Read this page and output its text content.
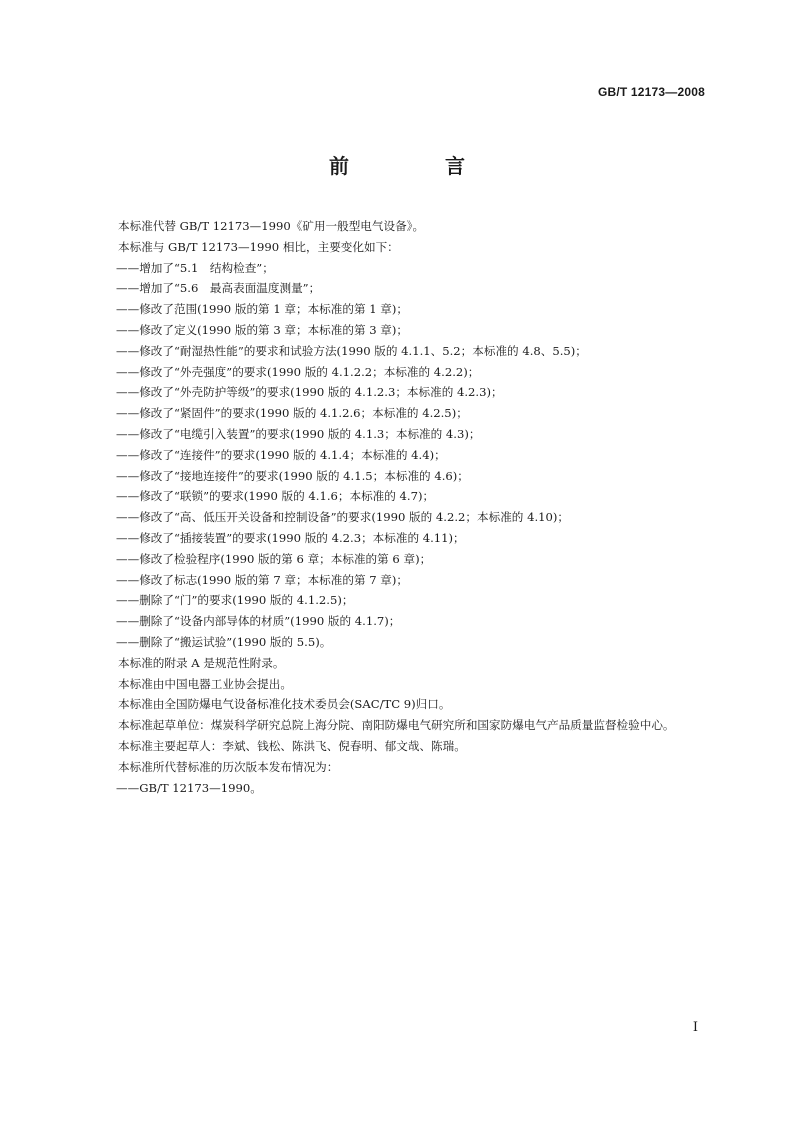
GB/T 12173—2008
前　言

本标准代替 GB/T 12173—1990《矿用一般型电气设备》。

本标准与 GB/T 12173—1990 相比，主要变化如下：

——增加了“5.1　结构检查”；

——增加了“5.6　最高表面温度测量”；

——修改了范围(1990 版的第 1 章；本标准的第 1 章)；

——修改了定义(1990 版的第 3 章；本标准的第 3 章)；

——修改了“耐湿热性能”的要求和试验方法(1990 版的 4.1.1、5.2；本标准的 4.8、5.5)；

——修改了“外壳强度”的要求(1990 版的 4.1.2.2；本标准的 4.2.2)；

——修改了“外壳防护等级”的要求(1990 版的 4.1.2.3；本标准的 4.2.3)；

——修改了“紧固件”的要求(1990 版的 4.1.2.6；本标准的 4.2.5)；

——修改了“电缆引入装置”的要求(1990 版的 4.1.3；本标准的 4.3)；

——修改了“连接件”的要求(1990 版的 4.1.4；本标准的 4.4)；

——修改了“接地连接件”的要求(1990 版的 4.1.5；本标准的 4.6)；

——修改了“联锁”的要求(1990 版的 4.1.6；本标准的 4.7)；

——修改了“高、低压开关设备和控制设备”的要求(1990 版的 4.2.2；本标准的 4.10)；

——修改了“插接装置”的要求(1990 版的 4.2.3；本标准的 4.11)；

——修改了检验程序(1990 版的第 6 章；本标准的第 6 章)；

——修改了标志(1990 版的第 7 章；本标准的第 7 章)；

——删除了“门”的要求(1990 版的 4.1.2.5)；

——删除了“设备内部导体的材质”(1990 版的 4.1.7)；

——删除了“搬运试验”(1990 版的 5.5)。

本标准的附录 A 是规范性附录。

本标准由中国电器工业协会提出。

本标准由全国防爆电气设备标准化技术委员会(SAC/TC 9)归口。

本标准起草单位：煤炭科学研究总院上海分院、南阳防爆电气研究所和国家防爆电气产品质量监督检验中心。

本标准主要起草人：李斌、钱松、陈洪飞、倪春明、郁文哉、陈瑞。

本标准所代替标准的历次版本发布情况为：

——GB/T 12173—1990。

I
